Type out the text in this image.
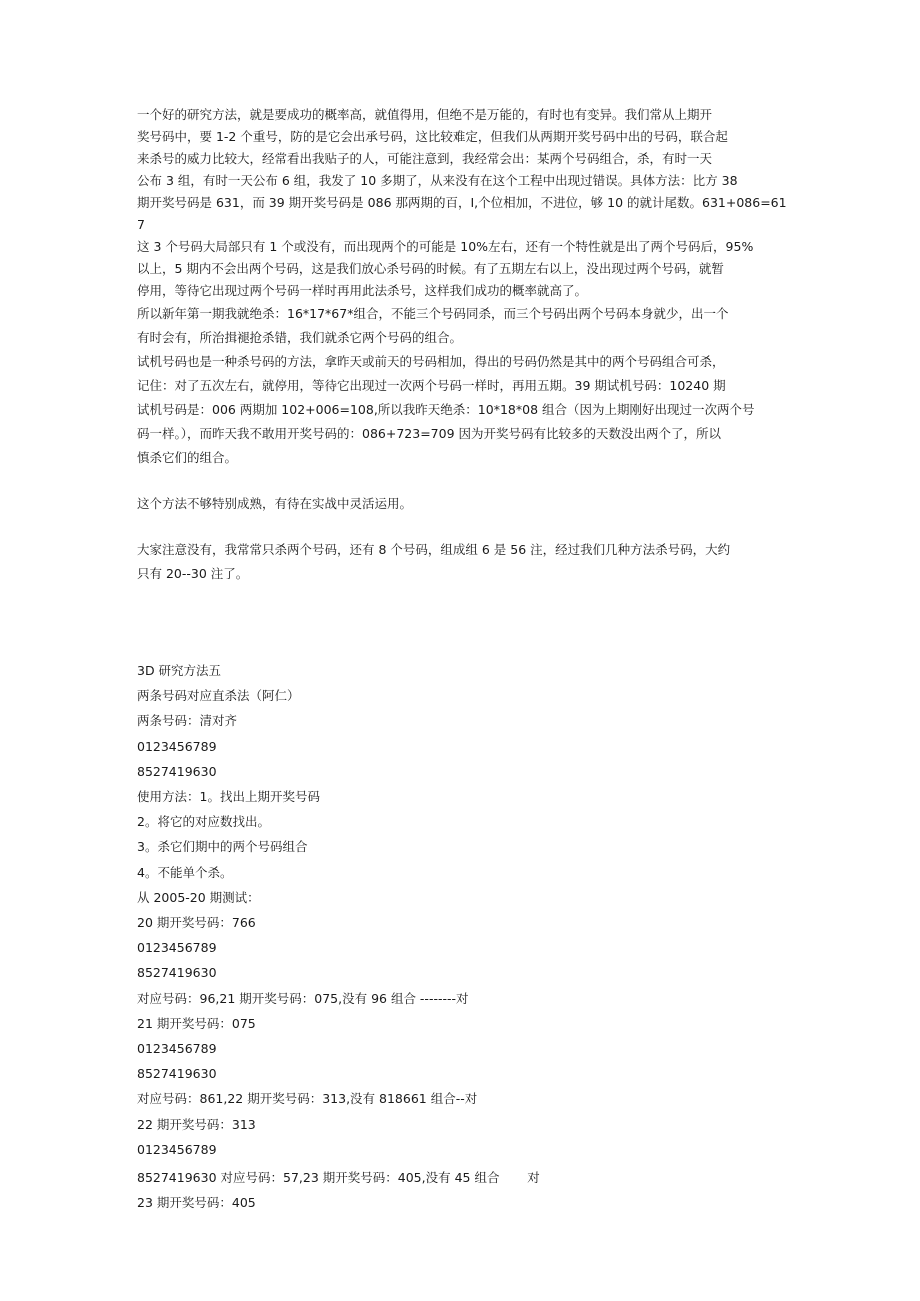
一个好的研究方法，就是要成功的概率高，就值得用，但绝不是万能的，有时也有变异。我们常从上期开

奖号码中，要 1-2 个重号，防的是它会出承号码，这比较难定，但我们从两期开奖号码中出的号码，联合起

来杀号的威力比较大，经常看出我贴子的人，可能注意到，我经常会出：某两个号码组合，杀，有时一天

公布 3 组，有时一天公布 6 组，我发了 10 多期了，从来没有在这个工程中出现过错误。具体方法：比方 38

期开奖号码是 631，而 39 期开奖号码是 086 那两期的百，I,个位相加，不进位，够 10 的就计尾数。631+086=617

这 3 个号码大局部只有 1 个或没有，而出现两个的可能是 10%左右，还有一个特性就是出了两个号码后，95%

以上，5 期内不会出两个号码，这是我们放心杀号码的时候。有了五期左右以上，没出现过两个号码，就暂

停用，等待它出现过两个号码一样时再用此法杀号，这样我们成功的概率就高了。

所以新年第一期我就绝杀：16*17*67*组合，不能三个号码同杀，而三个号码出两个号码本身就少，出一个

有时会有，所治揖褪抢杀错，我们就杀它两个号码的组合。

试机号码也是一种杀号码的方法，拿昨天或前天的号码相加，得出的号码仍然是其中的两个号码组合可杀，

记住：对了五次左右，就停用，等待它出现过一次两个号码一样时，再用五期。39 期试机号码：10240 期

试机号码是：006 两期加 102+006=108,所以我昨天绝杀：10*18*08 组合（因为上期刚好出现过一次两个号

码一样。），而昨天我不敢用开奖号码的：086+723=709 因为开奖号码有比较多的天数没出两个了，所以

慎杀它们的组合。

这个方法不够特别成熟，有待在实战中灵活运用。

大家注意没有，我常常只杀两个号码，还有 8 个号码，组成组 6 是 56 注，经过我们几种方法杀号码，大约

只有 20--30 注了。

3D 研究方法五

两条号码对应直杀法（阿仁）

两条号码：清对齐

0123456789

8527419630

使用方法：1。找出上期开奖号码

2。将它的对应数找出。

3。杀它们期中的两个号码组合

4。不能单个杀。

从 2005-20 期测试：

20 期开奖号码：766

0123456789

8527419630

对应号码：96,21 期开奖号码：075,没有 96 组合 --------对

21 期开奖号码：075

0123456789

8527419630

对应号码：861,22 期开奖号码：313,没有 818661 组合--对

22 期开奖号码：313

0123456789

8527419630 对应号码：57,23 期开奖号码：405,没有 45 组合       对

23 期开奖号码：405
